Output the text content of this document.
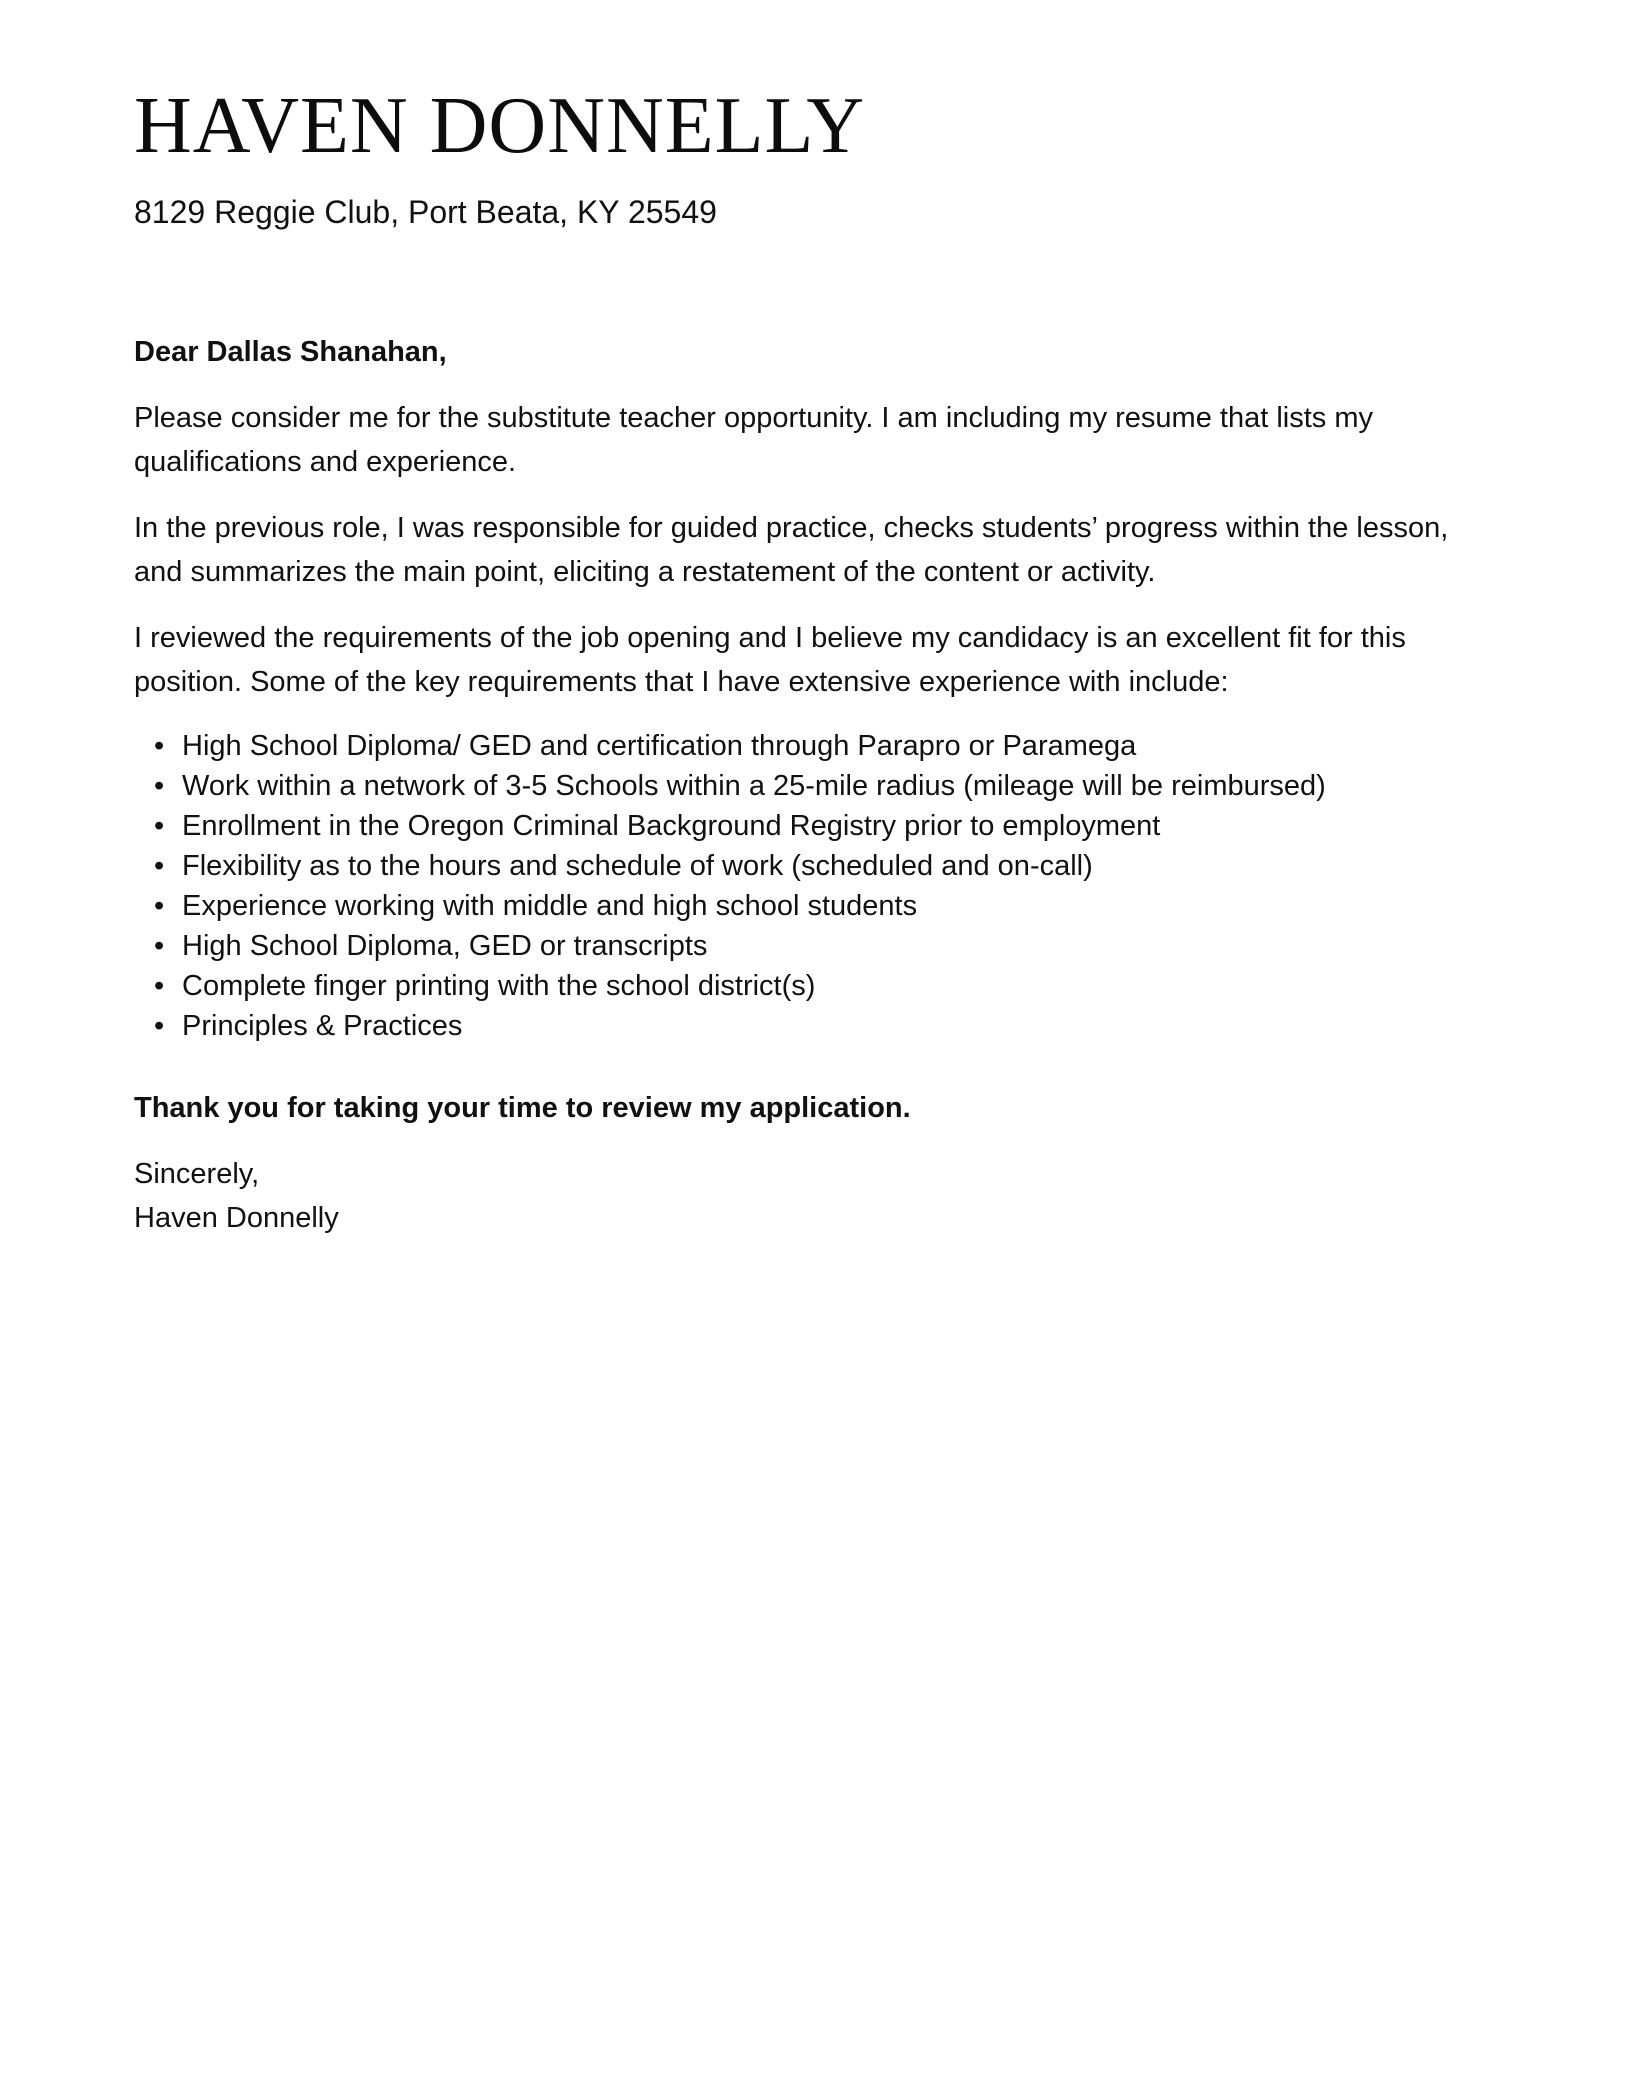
HAVEN DONNELLY

8129 Reggie Club, Port Beata, KY 25549

Dear Dallas Shanahan,

Please consider me for the substitute teacher opportunity. I am including my resume that lists my qualifications and experience.

In the previous role, I was responsible for guided practice, checks students’ progress within the lesson, and summarizes the main point, eliciting a restatement of the content or activity.

I reviewed the requirements of the job opening and I believe my candidacy is an excellent fit for this position. Some of the key requirements that I have extensive experience with include:

• High School Diploma/ GED and certification through Parapro or Paramega
• Work within a network of 3-5 Schools within a 25-mile radius (mileage will be reimbursed)
• Enrollment in the Oregon Criminal Background Registry prior to employment
• Flexibility as to the hours and schedule of work (scheduled and on-call)
• Experience working with middle and high school students
• High School Diploma, GED or transcripts
• Complete finger printing with the school district(s)
• Principles & Practices

Thank you for taking your time to review my application.

Sincerely,

Haven Donnelly
